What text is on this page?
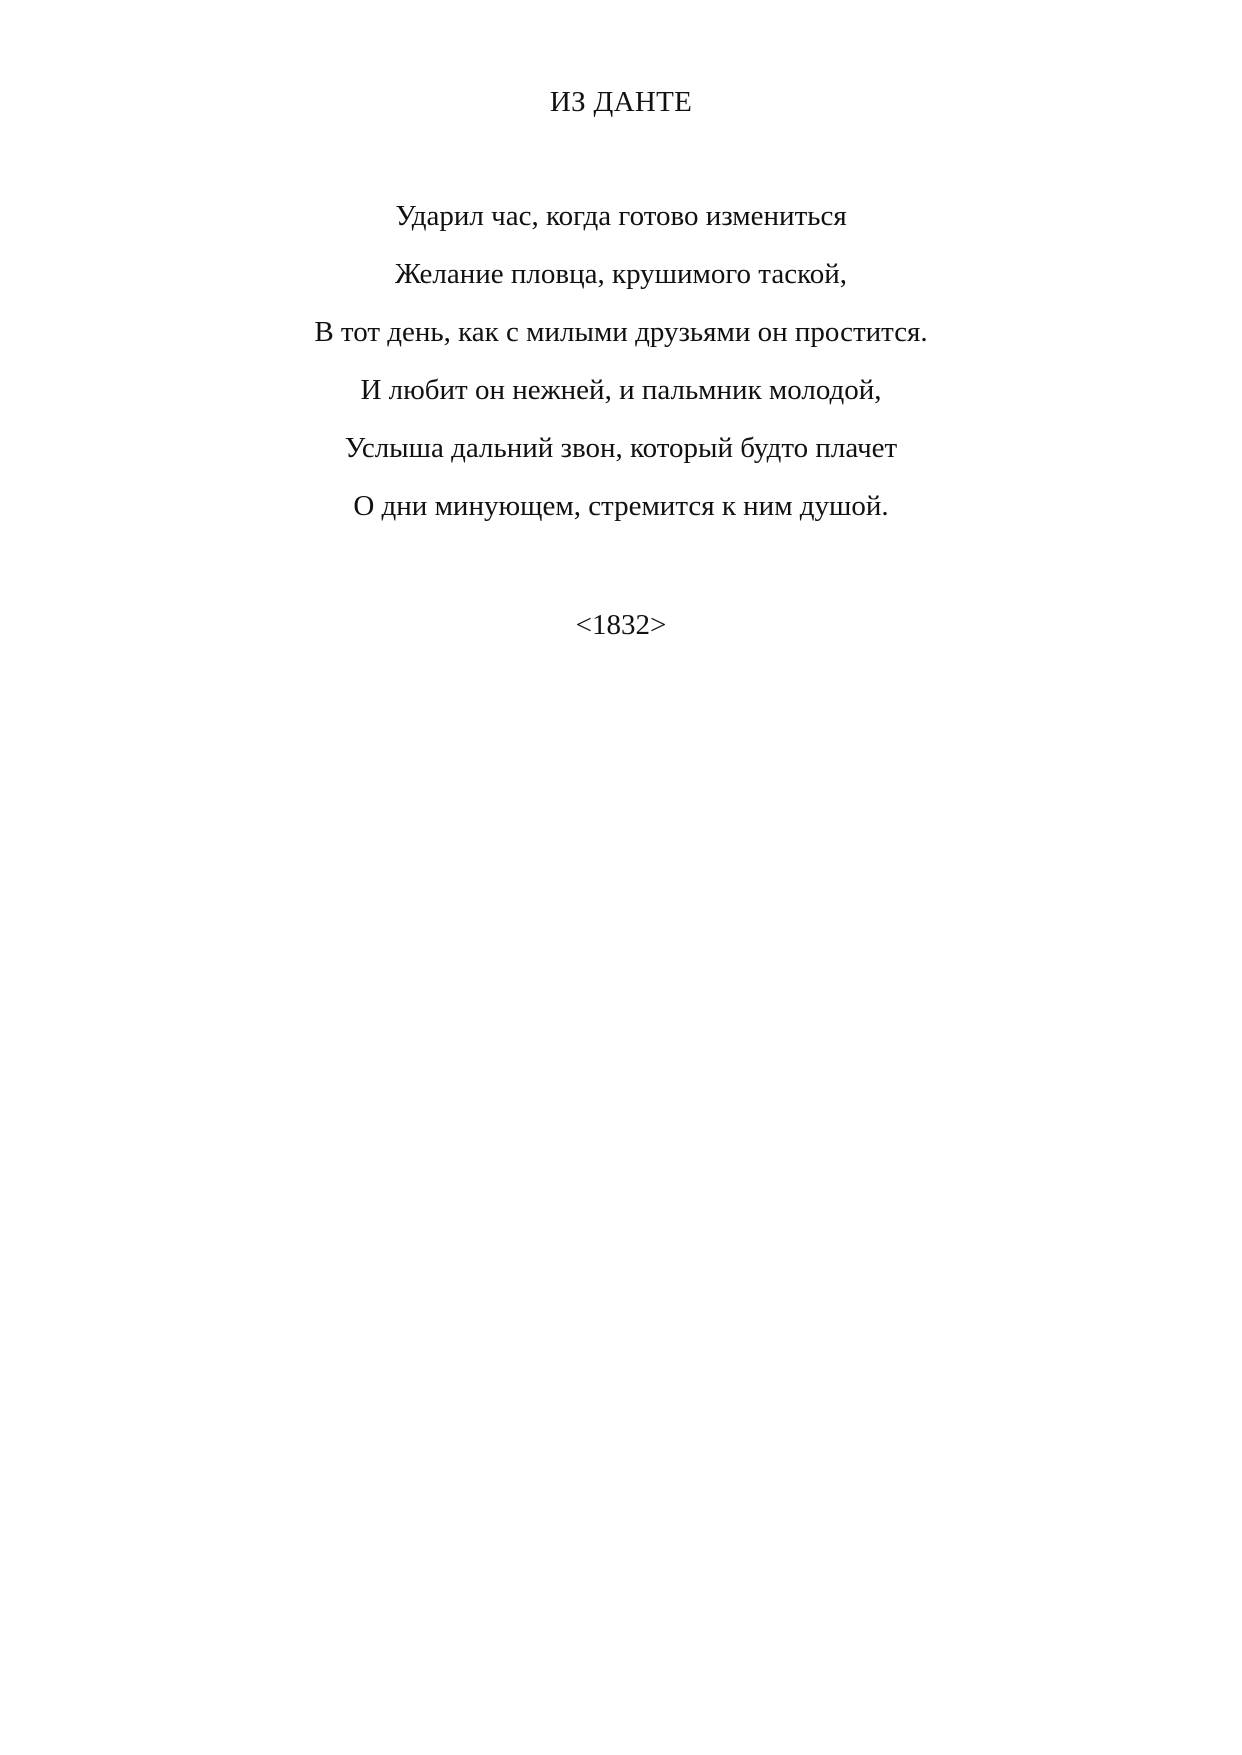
ИЗ ДАНТЕ
Ударил час, когда готово измениться
Желание пловца, крушимого таской,
В тот день, как с милыми друзьями он простится.
И любит он нежней, и пальмник молодой,
Услыша дальний звон, который будто плачет
О дни минующем, стремится к ним душой.
<1832>
